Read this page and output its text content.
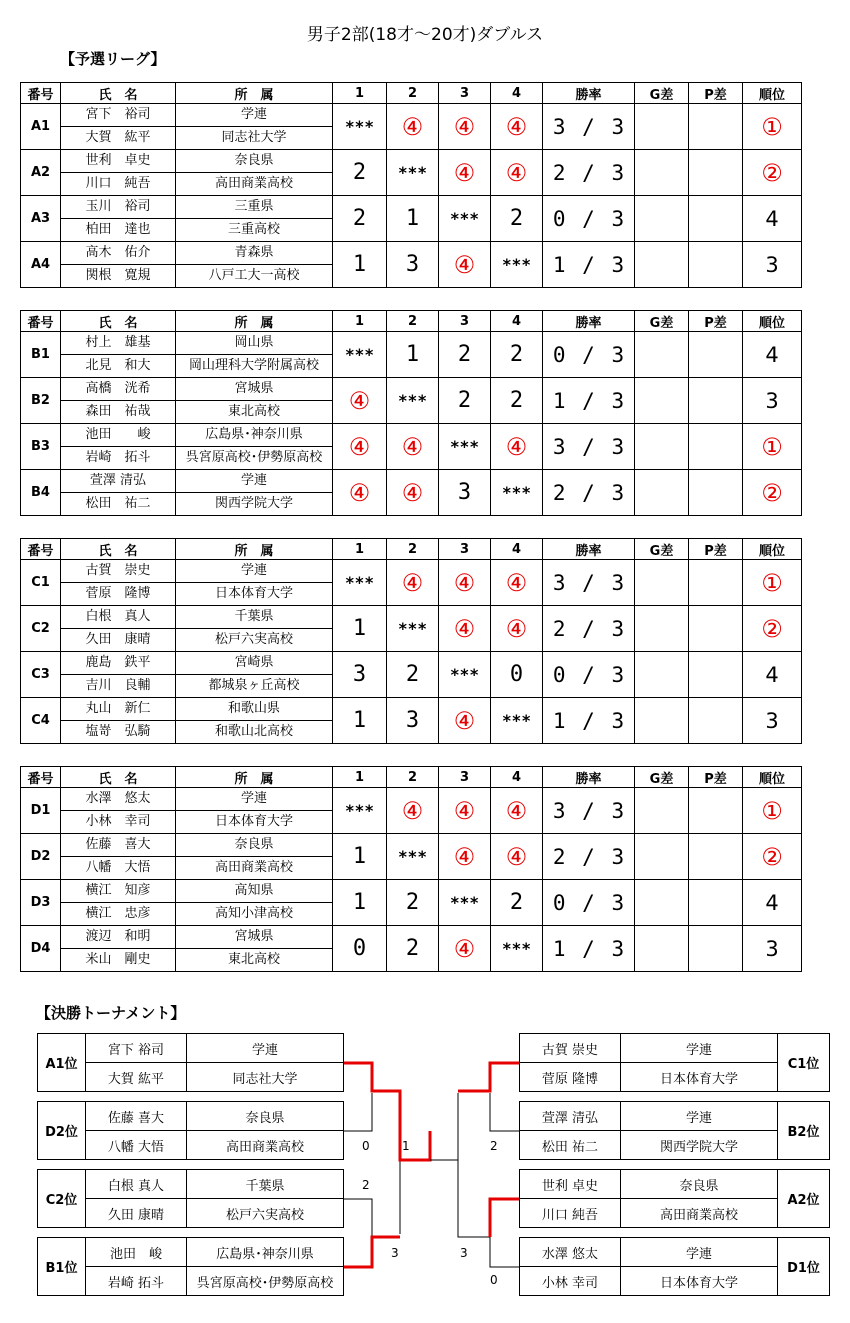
男子2部(18才～20才)ダブルス
【予選リーグ】
番号	氏　名	所　属	1	2	3	4	勝率	G差	P差	順位
A1	宮下　裕司	学連	***	④	④	④	3 / 3			①
	大賀　紘平	同志社大学								
A2	世利　卓史	奈良県	2	***	④	④	2 / 3			②
	川口　純吾	高田商業高校								
A3	玉川　裕司	三重県	2	1	***	2	0 / 3			4
	柏田　達也	三重高校								
A4	高木　佑介	青森県	1	3	④	***	1 / 3			3
	関根　寛規	八戸工大一高校								
番号	氏　名	所　属	1	2	3	4	勝率	G差	P差	順位
B1	村上　雄基	岡山県	***	1	2	2	0 / 3			4
	北見　和大	岡山理科大学附属高校								
B2	高橋　洸希	宮城県	④	***	2	2	1 / 3			3
	森田　祐哉	東北高校								
B3	池田　　峻	広島県･神奈川県	④	④	***	④	3 / 3			①
	岩崎　拓斗	呉宮原高校･伊勢原高校								
B4	萱澤 清弘	学連	④	④	3	***	2 / 3			②
	松田　祐二	関西学院大学								
番号	氏　名	所　属	1	2	3	4	勝率	G差	P差	順位
C1	古賀　崇史	学連	***	④	④	④	3 / 3			①
	菅原　隆博	日本体育大学								
C2	白根　真人	千葉県	1	***	④	④	2 / 3			②
	久田　康晴	松戸六実高校								
C3	鹿島　鉄平	宮崎県	3	2	***	0	0 / 3			4
	吉川　良輔	都城泉ヶ丘高校								
C4	丸山　新仁	和歌山県	1	3	④	***	1 / 3			3
	塩嵜　弘騎	和歌山北高校								
番号	氏　名	所　属	1	2	3	4	勝率	G差	P差	順位
D1	水澤　悠太	学連	***	④	④	④	3 / 3			①
	小林　幸司	日本体育大学								
D2	佐藤　喜大	奈良県	1	***	④	④	2 / 3			②
	八幡　大悟	高田商業高校								
D3	横江　知彦	高知県	1	2	***	2	0 / 3			4
	横江　忠彦	高知小津高校								
D4	渡辺　和明	宮城県	0	2	④	***	1 / 3			3
	米山　剛史	東北高校								
【決勝トーナメント】
A1位	宮下 裕司	学連
	大賀 紘平	同志社大学
D2位	佐藤 喜大	奈良県
	八幡 大悟	高田商業高校
C2位	白根 真人	千葉県
	久田 康晴	松戸六実高校
B1位	池田　峻	広島県･神奈川県
	岩崎 拓斗	呉宮原高校･伊勢原高校
古賀 崇史	学連	C1位
菅原 隆博	日本体育大学	
萱澤 清弘	学連	B2位
松田 祐二	関西学院大学	
世利 卓史	奈良県	A2位
川口 純吾	高田商業高校	
水澤 悠太	学連	D1位
小林 幸司	日本体育大学	
0	1
2
3
2
3
0
